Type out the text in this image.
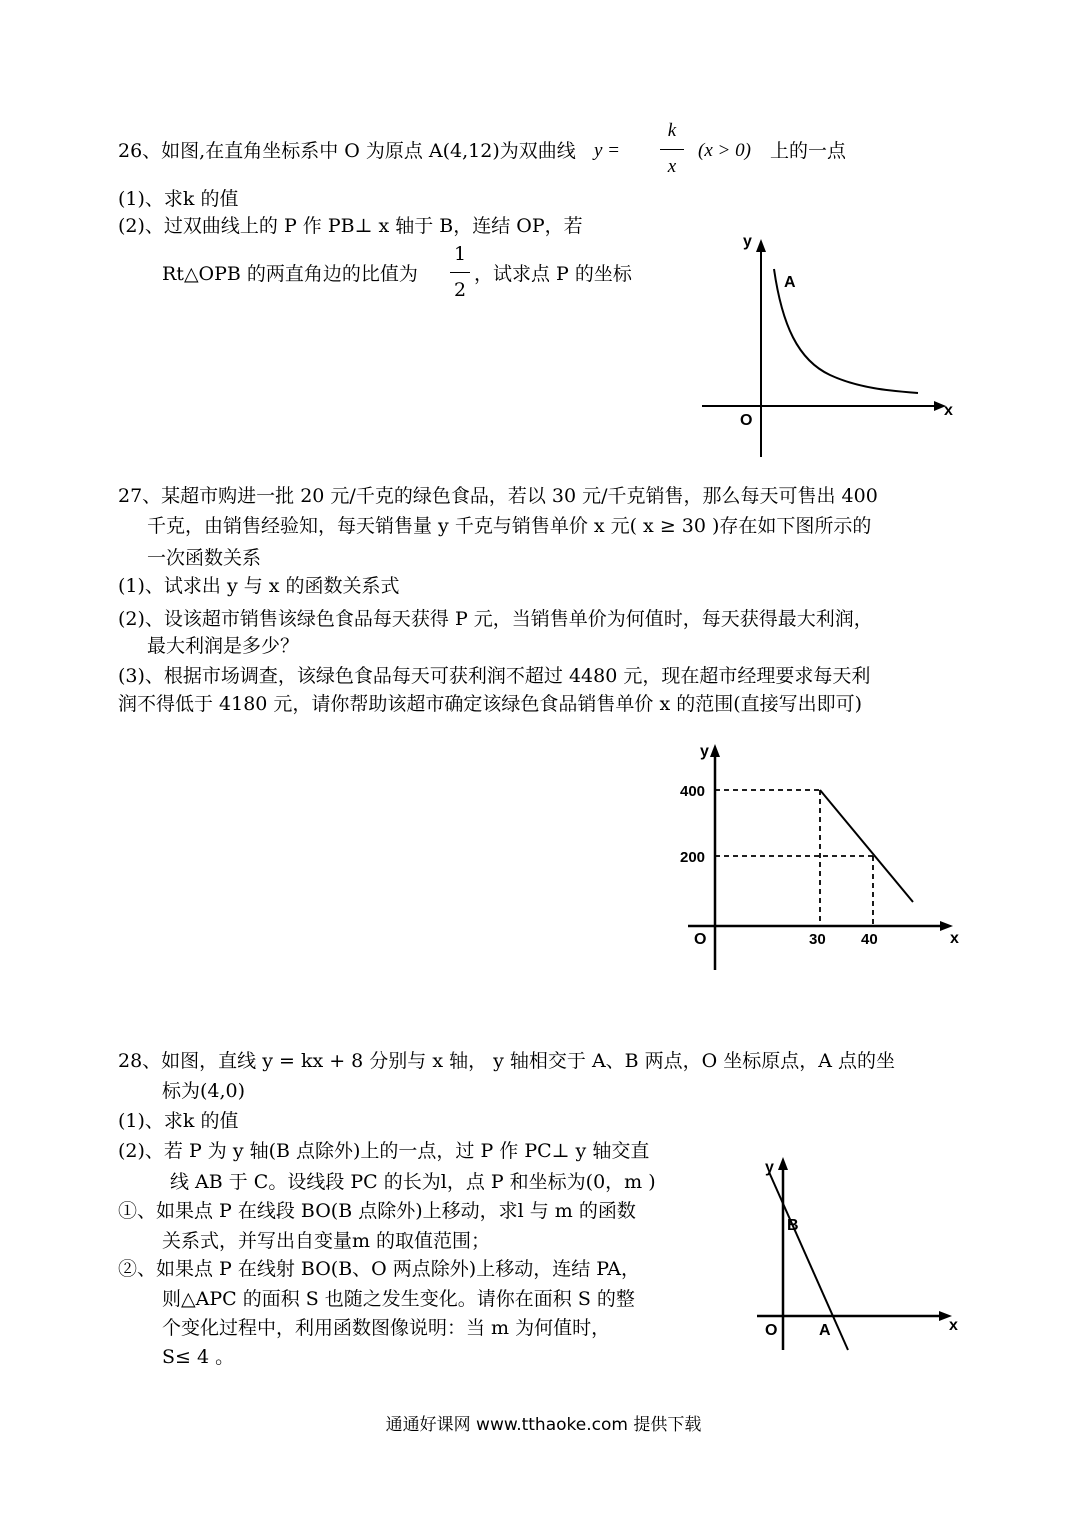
26、如图,在直角坐标系中 O 为原点 A(4,12)为双曲线 y =
k
x
(x > 0) 上的一点
(1)、求k 的值
(2)、过双曲线上的 P 作 PB⊥ x 轴于 B，连结 OP，若
Rt△OPB 的两直角边的比值为
1
2
，试求点 P 的坐标
y
x
O
A
27、某超市购进一批 20 元/千克的绿色食品，若以 30 元/千克销售，那么每天可售出 400
千克，由销售经验知，每天销售量 y 千克与销售单价 x 元( x ≥ 30 )存在如下图所示的
一次函数关系
(1)、试求出 y 与 x 的函数关系式
(2)、设该超市销售该绿色食品每天获得 P 元，当销售单价为何值时，每天获得最大利润，
最大利润是多少？
(3)、根据市场调查，该绿色食品每天可获利润不超过 4480 元，现在超市经理要求每天利
润不得低于 4180 元，请你帮助该超市确定该绿色食品销售单价 x 的范围(直接写出即可)
y
x
O
400
200
30 40
28、如图，直线 y = kx + 8 分别与 x 轴， y 轴相交于 A、B 两点，O 坐标原点，A 点的坐
标为(4,0)
(1)、求k 的值
(2)、若 P 为 y 轴(B 点除外)上的一点，过 P 作 PC⊥ y 轴交直
线 AB 于 C。设线段 PC 的长为l，点 P 和坐标为(0，m )
①、如果点 P 在线段 BO(B 点除外)上移动，求l 与 m 的函数
关系式，并写出自变量m 的取值范围；
②、如果点 P 在线射 BO(B、O 两点除外)上移动，连结 PA，
则△APC 的面积 S 也随之发生变化。请你在面积 S 的整
个变化过程中，利用函数图像说明：当 m 为何值时，
S≤ 4 。
y
x
O
B
A
通通好课网 www.tthaoke.com 提供下载
